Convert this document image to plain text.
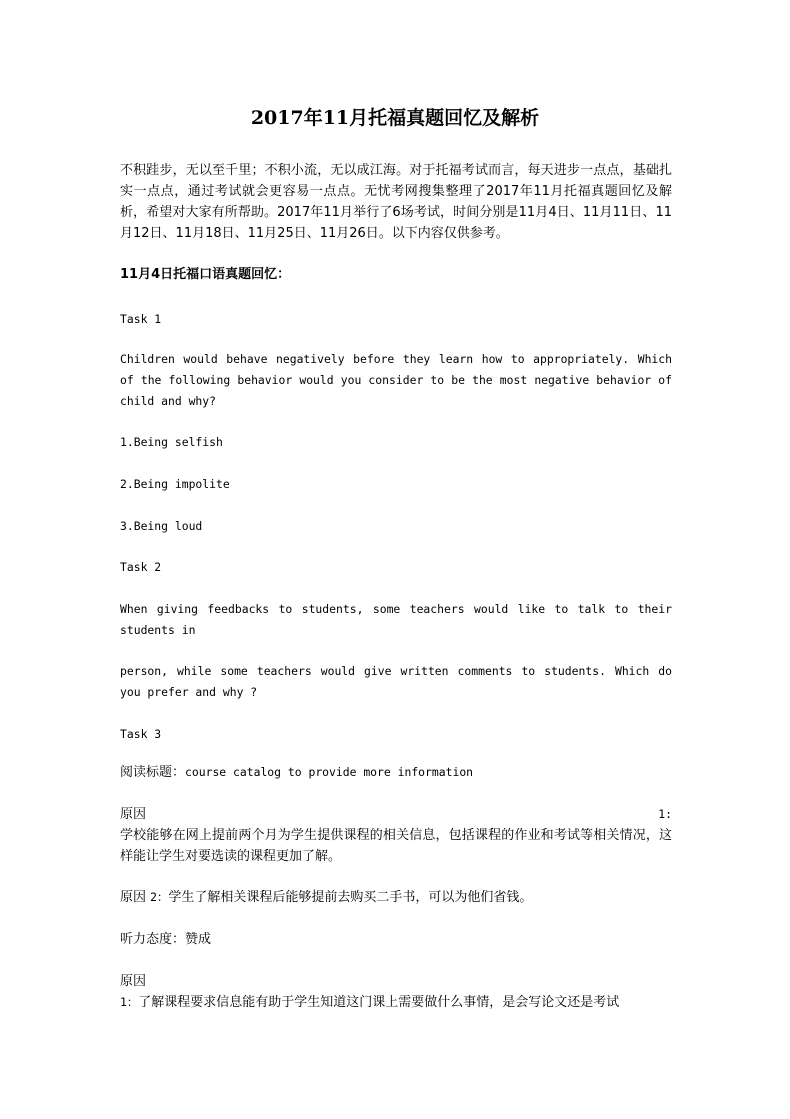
2017年11月托福真题回忆及解析
不积跬步，无以至千里；不积小流，无以成江海。对于托福考试而言，每天进步一点点，基础扎实一点点，通过考试就会更容易一点点。无忧考网搜集整理了2017年11月托福真题回忆及解析，希望对大家有所帮助。2017年11月举行了6场考试，时间分别是11月4日、11月11日、11月12日、11月18日、11月25日、11月26日。以下内容仅供参考。
11月4日托福口语真题回忆：
Task 1
Children would behave negatively before they learn how to appropriately. Which of the following behavior would you consider to be the most negative behavior of child and why?
1.Being selfish
2.Being impolite
3.Being loud
Task 2
When giving feedbacks to students, some teachers would like to talk to their students in
person, while some teachers would give written comments to students. Which do you prefer and why ?
Task 3
阅读标题：course catalog to provide more information
原因	1:
学校能够在网上提前两个月为学生提供课程的相关信息，包括课程的作业和考试等相关情况，这样能让学生对要选读的课程更加了解。
原因 2：学生了解相关课程后能够提前去购买二手书，可以为他们省钱。
听力态度：赞成
原因
1：了解课程要求信息能有助于学生知道这门课上需要做什么事情，是会写论文还是考试
